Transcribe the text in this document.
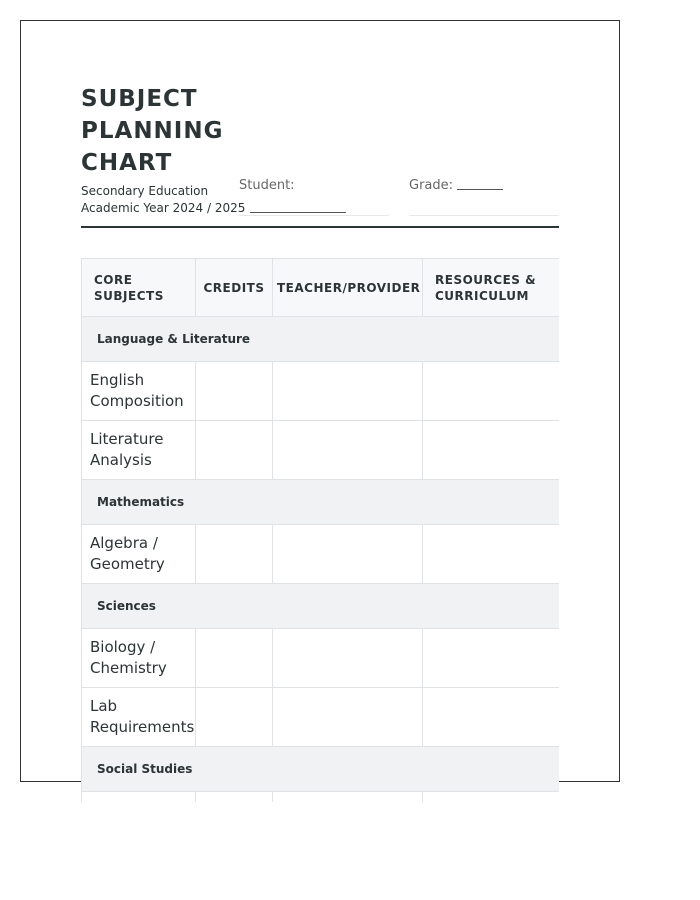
SUBJECT
PLANNING
CHART
Secondary Education
Academic Year 2024 / 2025
Student:	Grade:
CORE SUBJECTS	CREDITS	TEACHER/PROVIDER	RESOURCES & CURRICULUM
Language & Literature			
English Composition			
Literature Analysis			
Mathematics			
Algebra / Geometry			
Sciences			
Biology / Chemistry			
Lab Requirements			
Social Studies			
